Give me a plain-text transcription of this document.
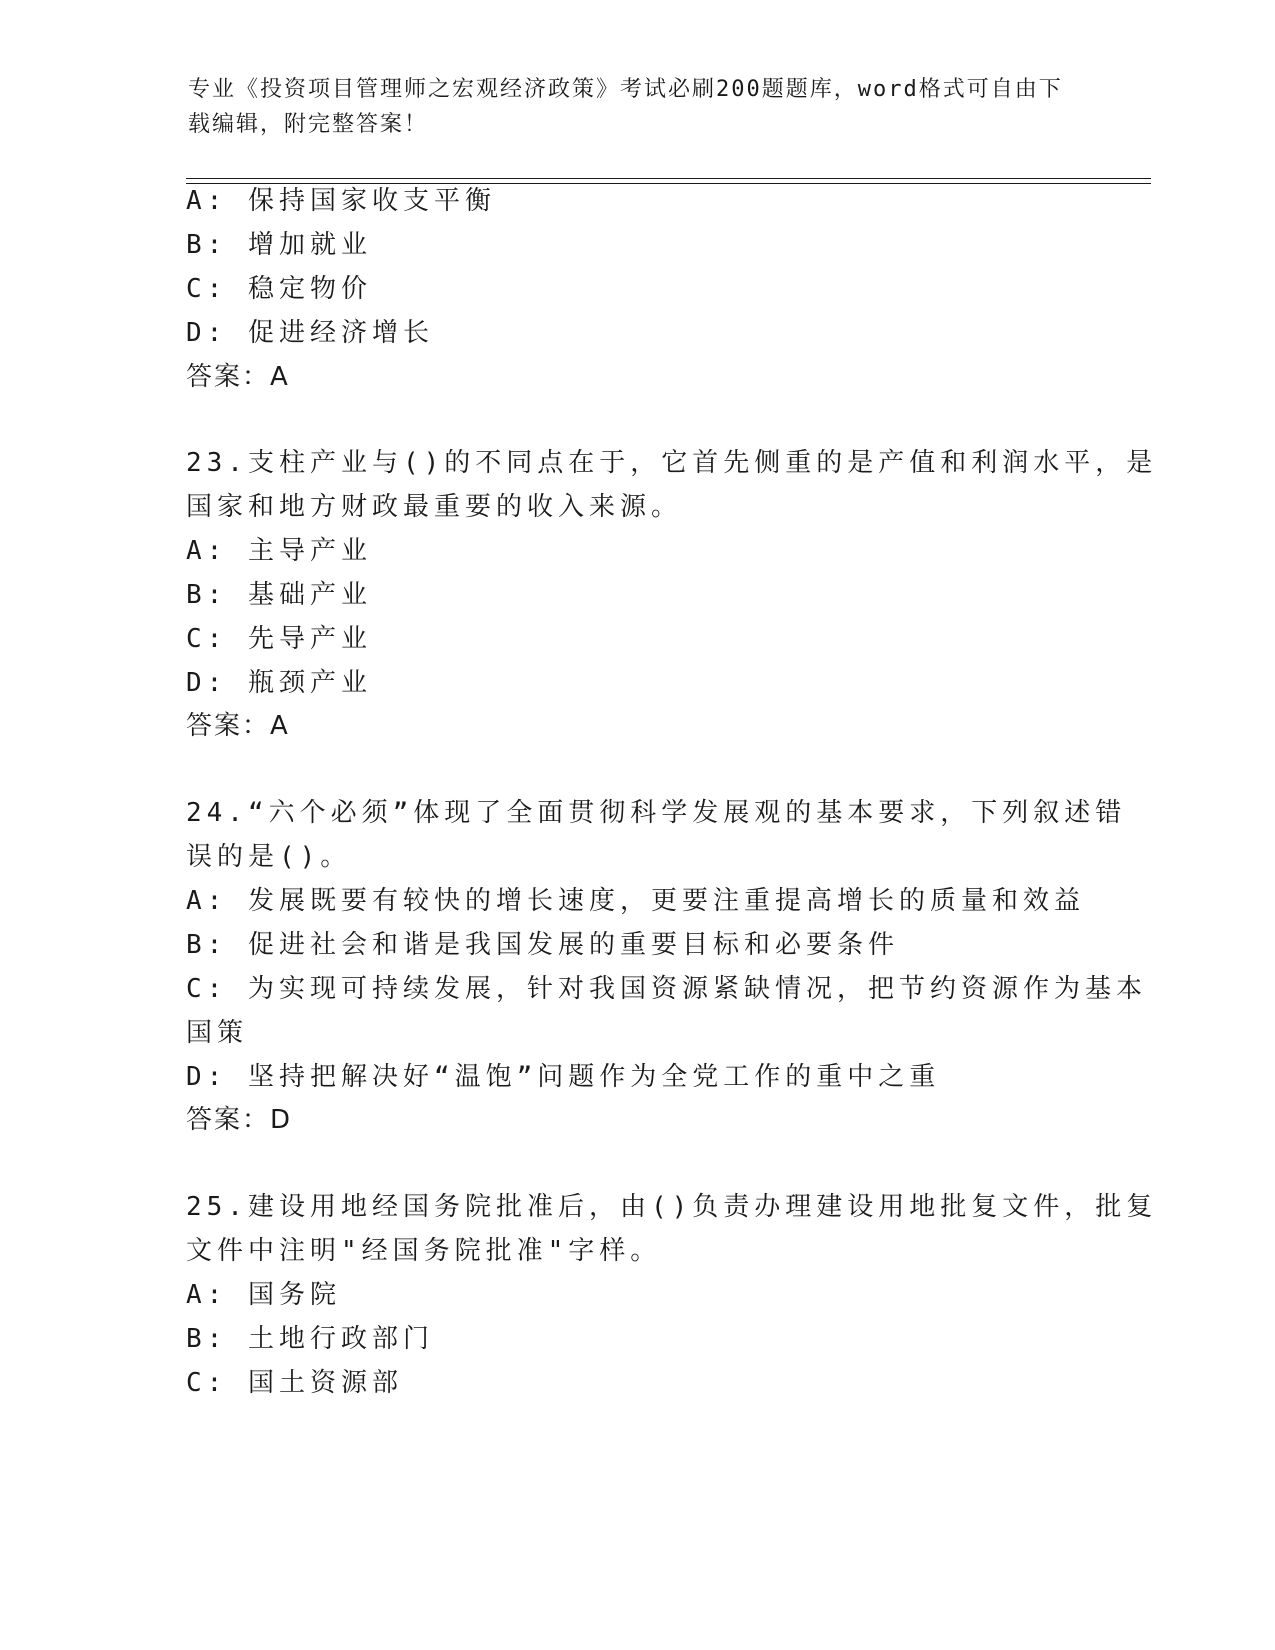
专业《投资项目管理师之宏观经济政策》考试必刷200题题库，word格式可自由下载编辑，附完整答案！
A: 保持国家收支平衡
B: 增加就业
C: 稳定物价
D: 促进经济增长
答案：A
23.支柱产业与()的不同点在于，它首先侧重的是产值和利润水平，是
国家和地方财政最重要的收入来源。
A: 主导产业
B: 基础产业
C: 先导产业
D: 瓶颈产业
答案：A
24.“六个必须”体现了全面贯彻科学发展观的基本要求，下列叙述错
误的是()。
A: 发展既要有较快的增长速度，更要注重提高增长的质量和效益
B: 促进社会和谐是我国发展的重要目标和必要条件
C: 为实现可持续发展，针对我国资源紧缺情况，把节约资源作为基本
国策
D: 坚持把解决好“温饱”问题作为全党工作的重中之重
答案：D
25.建设用地经国务院批准后，由()负责办理建设用地批复文件，批复
文件中注明"经国务院批准"字样。
A: 国务院
B: 土地行政部门
C: 国土资源部
